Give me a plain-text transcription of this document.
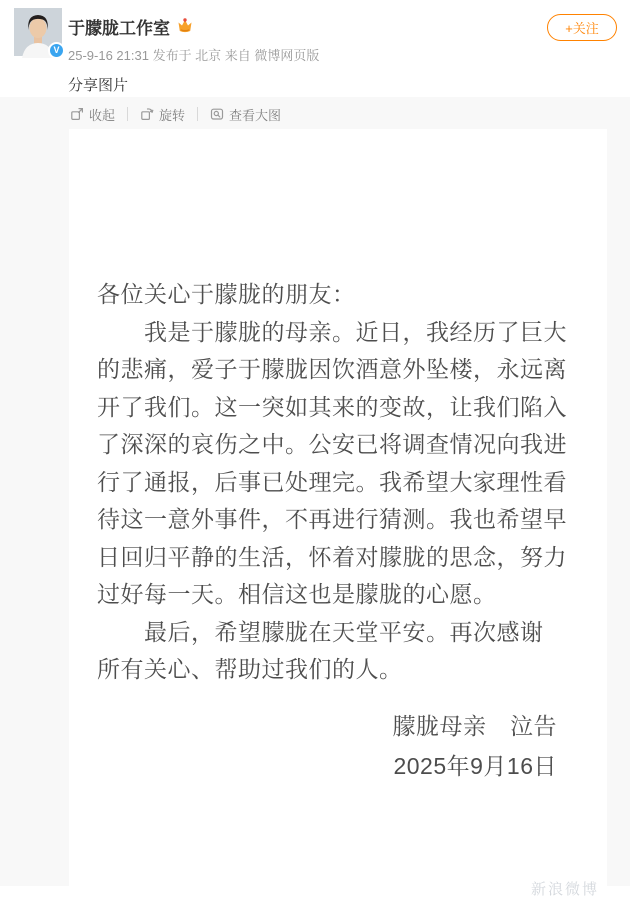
V
于朦胧工作室
25-9-16 21:31 发布于 北京 来自 微博网页版
+关注
分享图片
收起	旋转	查看大图
各位关心于朦胧的朋友：
　　我是于朦胧的母亲。近日，我经历了巨大
的悲痛，爱子于朦胧因饮酒意外坠楼，永远离
开了我们。这一突如其来的变故，让我们陷入
了深深的哀伤之中。公安已将调查情况向我进
行了通报，后事已处理完。我希望大家理性看
待这一意外事件，不再进行猜测。我也希望早
日回归平静的生活，怀着对朦胧的思念，努力
过好每一天。相信这也是朦胧的心愿。
　　最后，希望朦胧在天堂平安。再次感谢
所有关心、帮助过我们的人。
朦胧母亲　泣告
2025年9月16日
新浪微博
